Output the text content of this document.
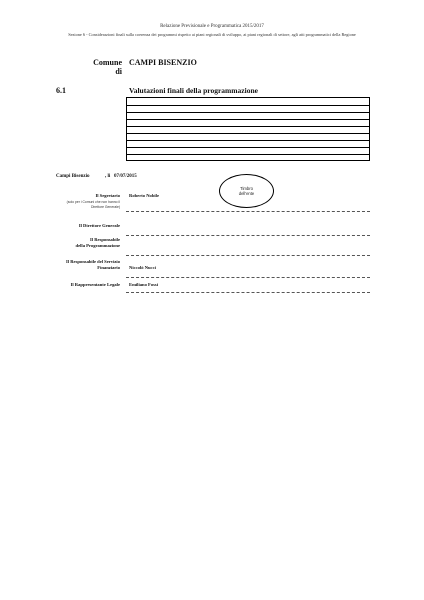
Relazione Previsionale e Programmatica 2015/2017
Sezione 6 - Considerazioni finali sulla coerenza dei programmi rispetto ai piani regionali di sviluppo, ai piani regionali di settore, agli atti programmatici della Regione
Comune di
CAMPI BISENZIO
6.1	Valutazioni finali della programmazione
Campi Bisenzio	, li 07/07/2015
Timbro
dell'ente
Il Segretario
(solo per i Comuni che non hanno il
Direttore Generale)
Roberto Nobile
Il Direttore Generale
Il Responsabile
della Programmazione
Il Responsabile del Servizio
Finanziario Niccolò Nucci
Il Rappresentante Legale Emiliano Fossi
